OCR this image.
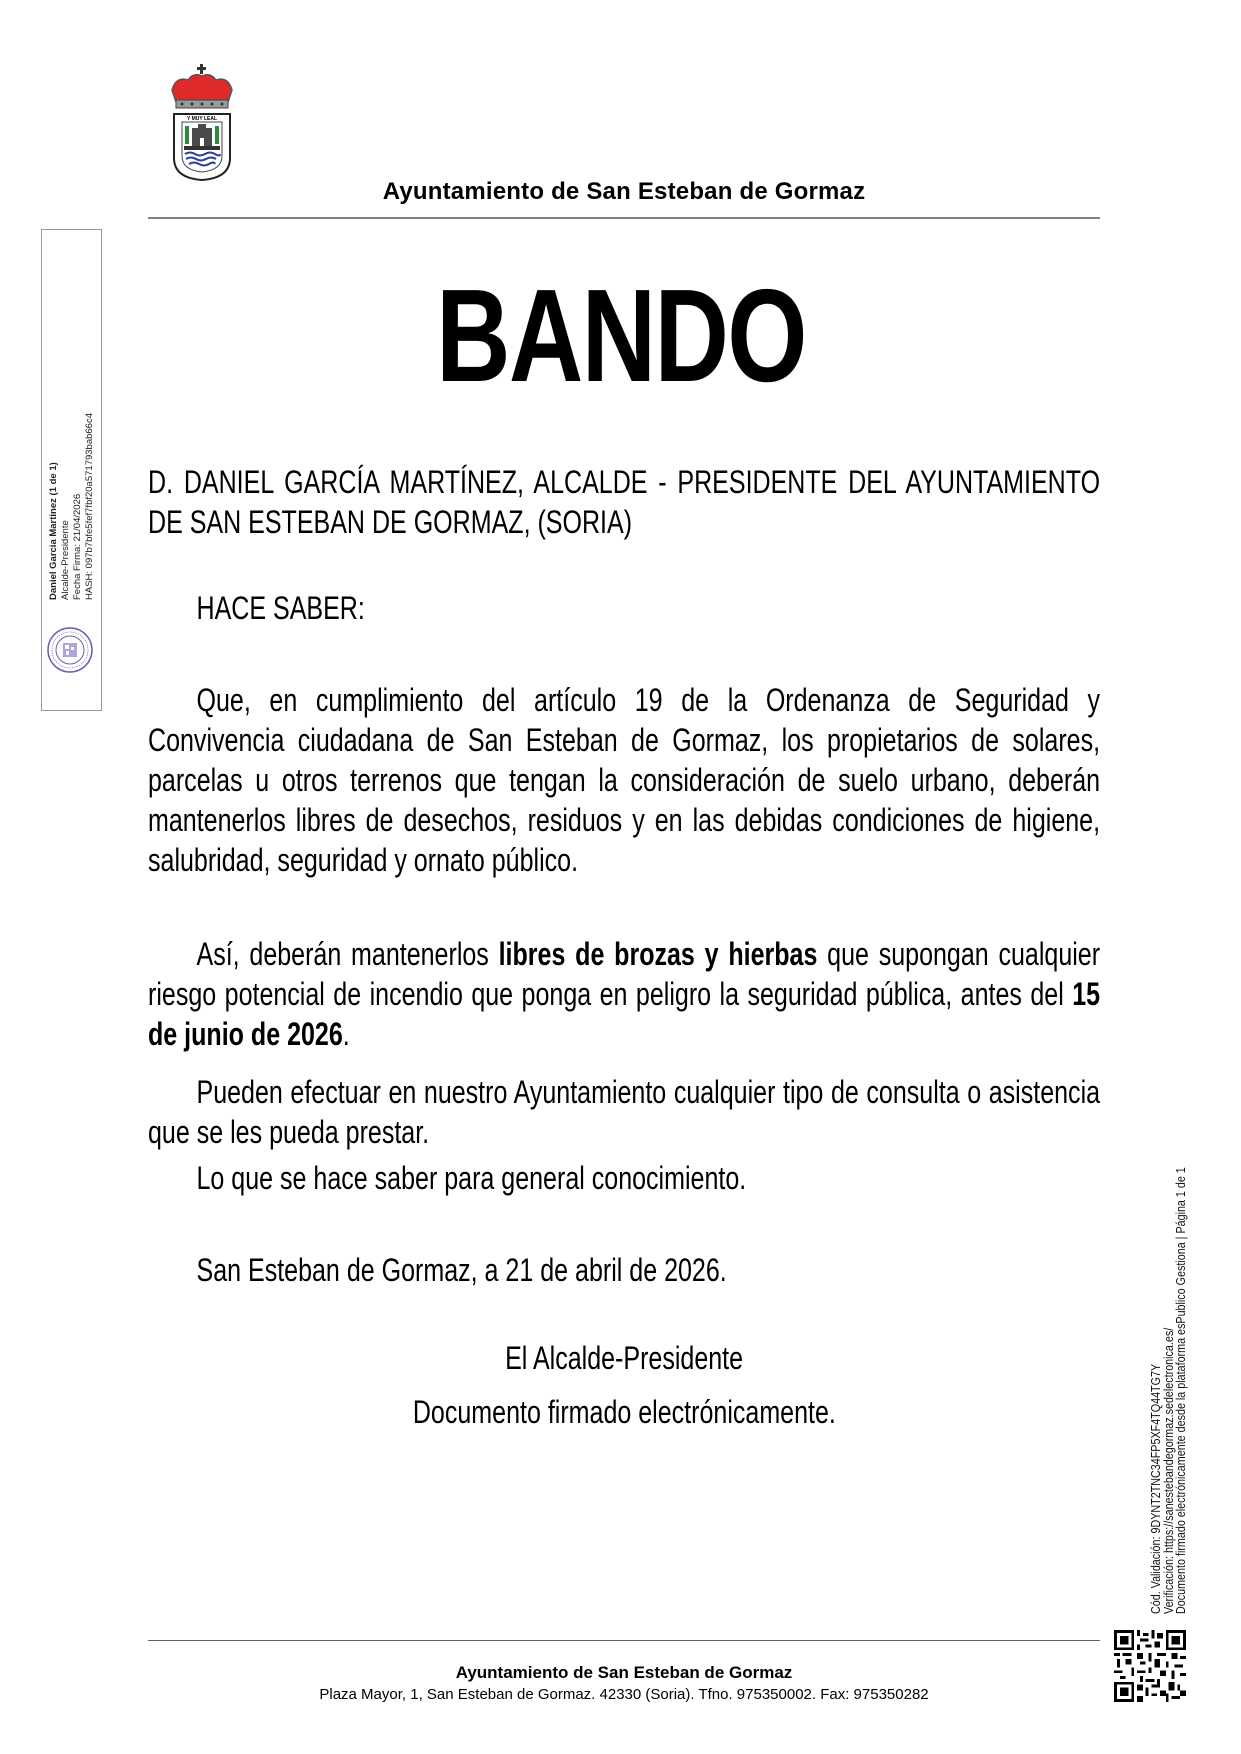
Y MUY LEAL
Ayuntamiento de San Esteban de Gormaz
BANDO
D. DANIEL GARCÍA MARTÍNEZ, ALCALDE - PRESIDENTE DEL AYUNTAMIENTO DE SAN ESTEBAN DE GORMAZ, (SORIA)
HACE SABER:
Que, en cumplimiento del artículo 19 de la Ordenanza de Seguridad y Convivencia ciudadana de San Esteban de Gormaz, los propietarios de solares, parcelas u otros terrenos que tengan la consideración de suelo urbano, deberán mantenerlos libres de desechos, residuos y en las debidas condiciones de higiene, salubridad, seguridad y ornato público.
Así, deberán mantenerlos libres de brozas y hierbas que supongan cualquier riesgo potencial de incendio que ponga en peligro la seguridad pública, antes del 15 de junio de 2026.
Pueden efectuar en nuestro Ayuntamiento cualquier tipo de consulta o asistencia que se les pueda prestar.
Lo que se hace saber para general conocimiento.
San Esteban de Gormaz, a 21 de abril de 2026.
El Alcalde-Presidente
Documento firmado electrónicamente.
Ayuntamiento de San Esteban de Gormaz
Plaza Mayor, 1, San Esteban de Gormaz. 42330 (Soria). Tfno. 975350002. Fax: 975350282
Daniel Garcia Martinez (1 de 1) Alcalde-Presidente Fecha Firma: 21/04/2026 HASH: 097b7bfe5fef7fbf20a571793bab66c4
Cód. Validación: 9DYNT2TNC34FP5XF4TQ44TG7Y
Verificación: https://sanestebandegormaz.sedelectronica.es/
Documento firmado electrónicamente desde la plataforma esPublico Gestiona | Página 1 de 1
